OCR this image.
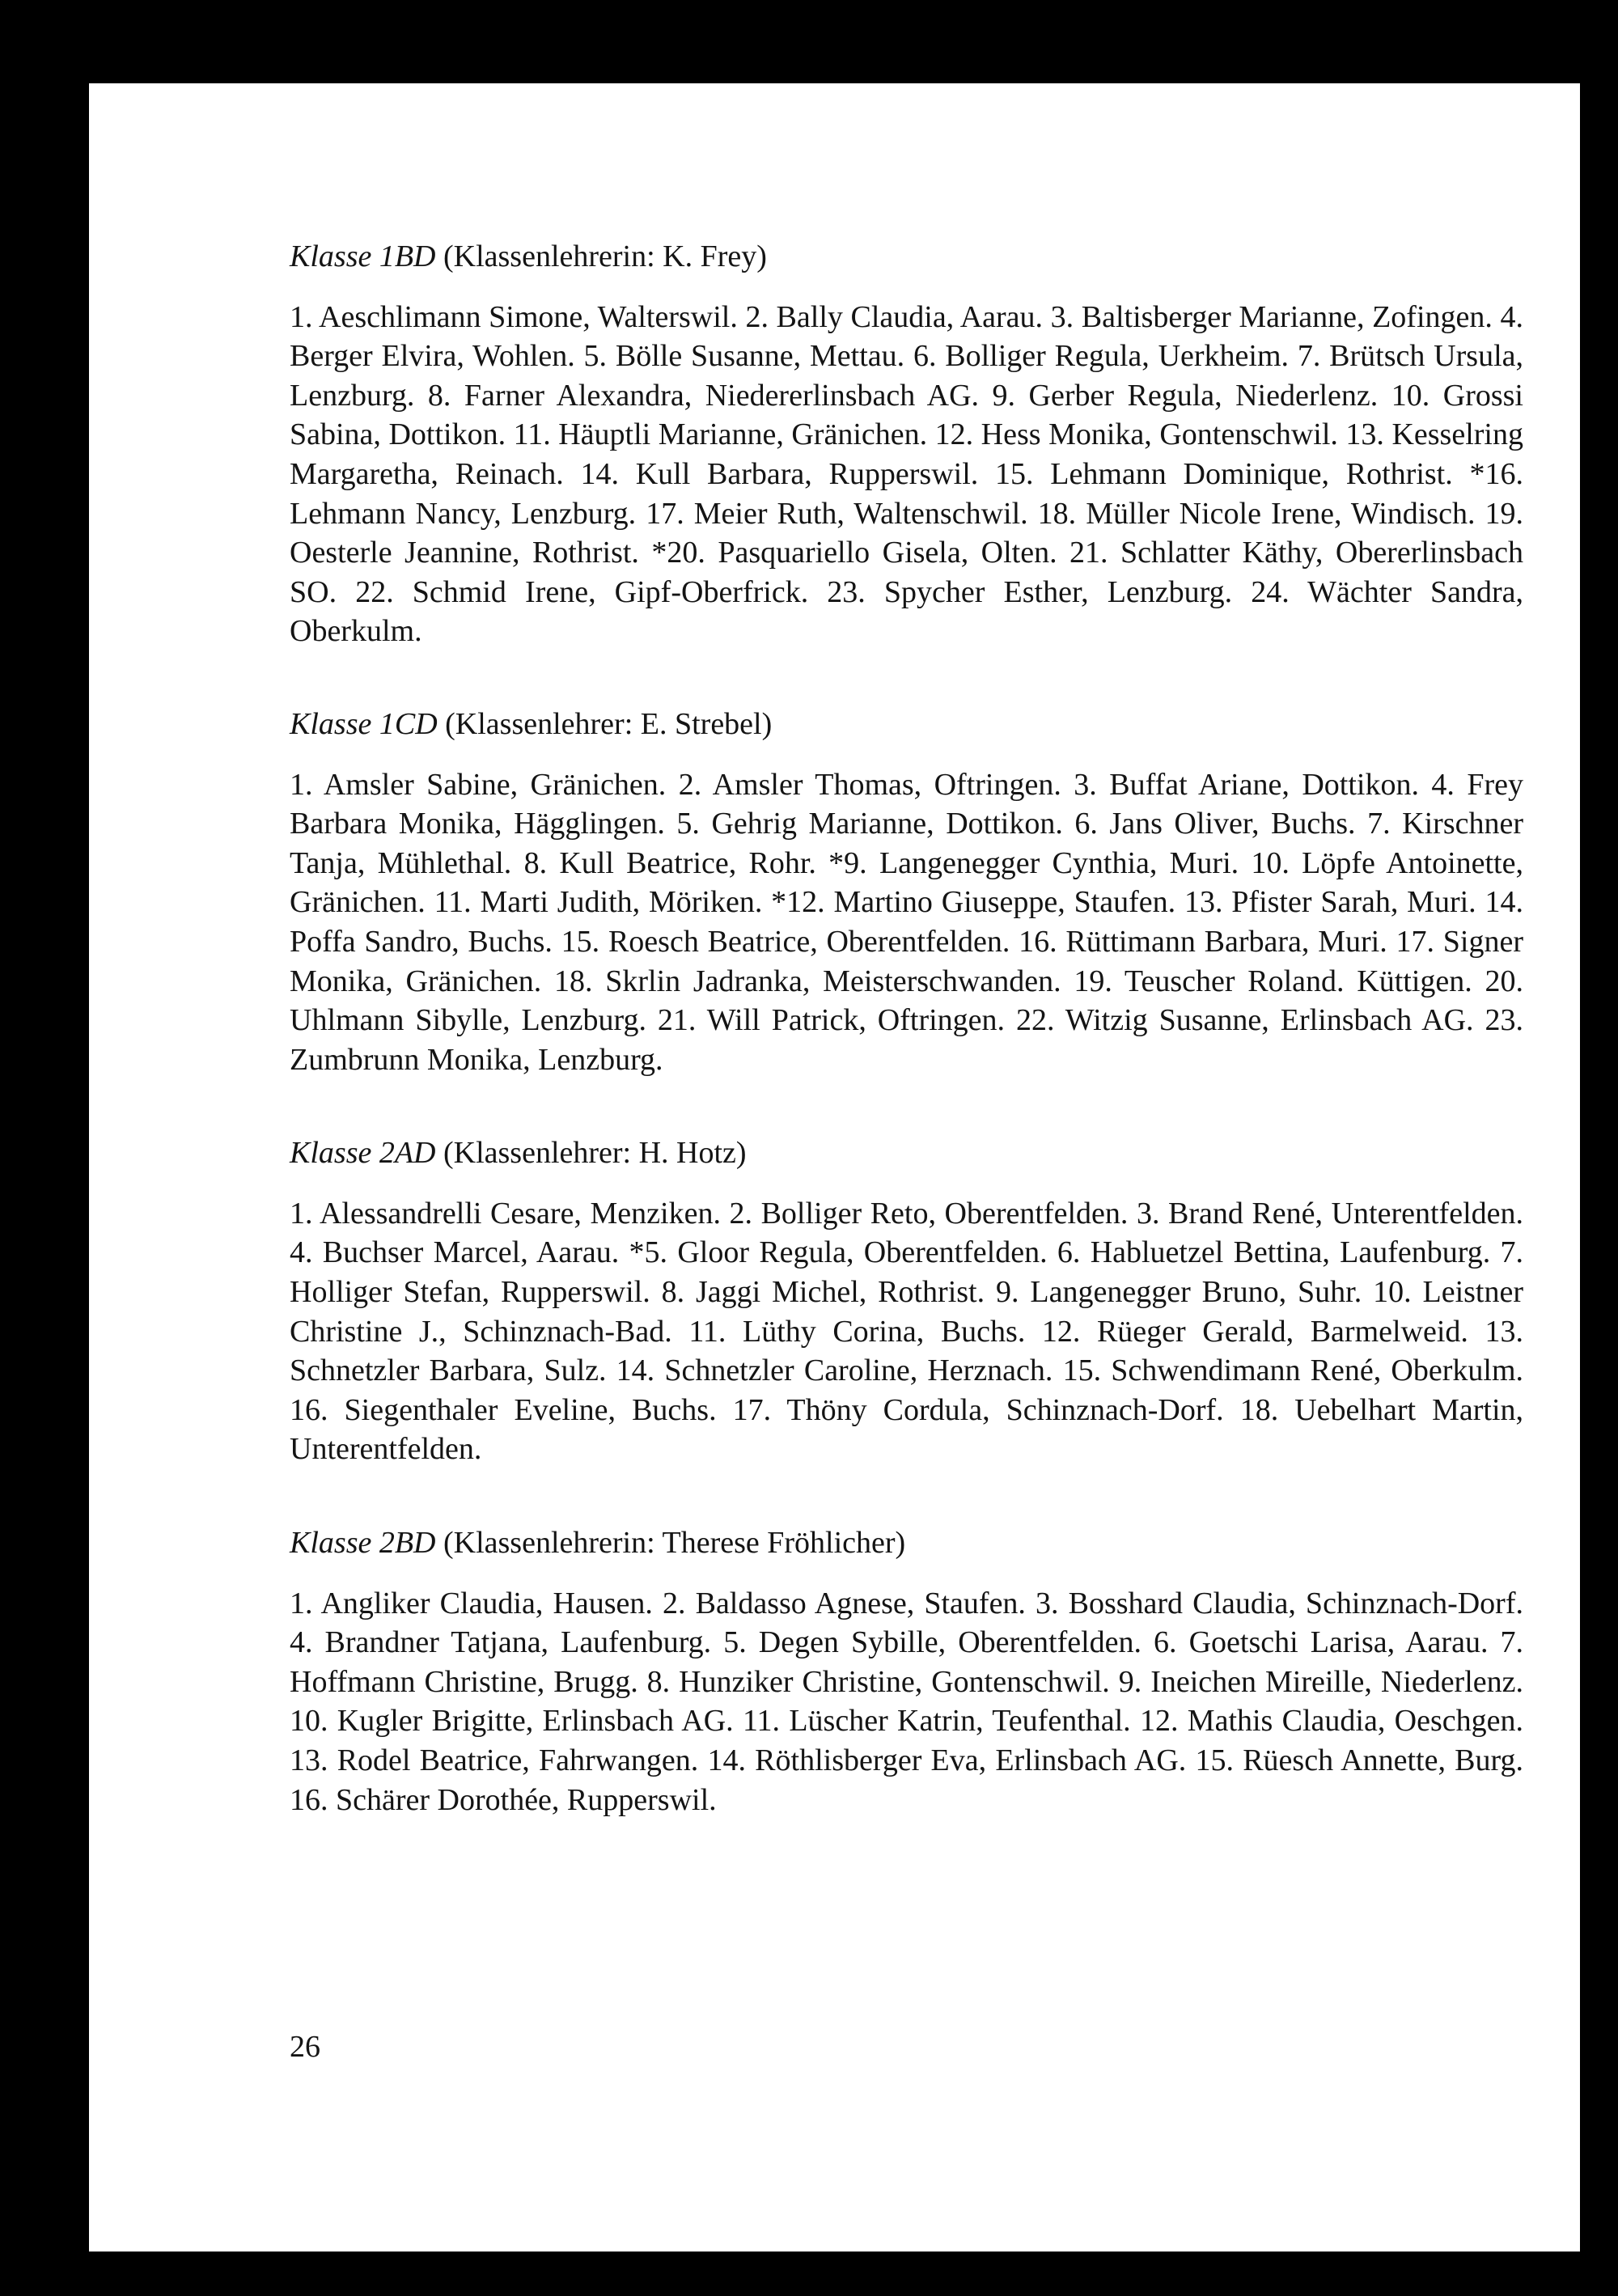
Klasse 1BD (Klassenlehrerin: K. Frey)

1. Aeschlimann Simone, Walterswil. 2. Bally Claudia, Aarau. 3. Baltisberger Marianne, Zofingen. 4. Berger Elvira, Wohlen. 5. Bölle Susanne, Mettau. 6. Bolliger Regula, Uerkheim. 7. Brütsch Ursula, Lenzburg. 8. Farner Alexandra, Niedererlinsbach AG. 9. Gerber Regula, Niederlenz. 10. Grossi Sabina, Dottikon. 11. Häuptli Marianne, Gränichen. 12. Hess Monika, Gontenschwil. 13. Kesselring Margaretha, Reinach. 14. Kull Barbara, Rupperswil. 15. Lehmann Dominique, Rothrist. *16. Lehmann Nancy, Lenzburg. 17. Meier Ruth, Waltenschwil. 18. Müller Nicole Irene, Windisch. 19. Oesterle Jeannine, Rothrist. *20. Pasquariello Gisela, Olten. 21. Schlatter Käthy, Obererlinsbach SO. 22. Schmid Irene, Gipf-Oberfrick. 23. Spycher Esther, Lenzburg. 24. Wächter Sandra, Oberkulm.

Klasse 1CD (Klassenlehrer: E. Strebel)

1. Amsler Sabine, Gränichen. 2. Amsler Thomas, Oftringen. 3. Buffat Ariane, Dottikon. 4. Frey Barbara Monika, Hägglingen. 5. Gehrig Marianne, Dottikon. 6. Jans Oliver, Buchs. 7. Kirschner Tanja, Mühlethal. 8. Kull Beatrice, Rohr. *9. Langenegger Cynthia, Muri. 10. Löpfe Antoinette, Gränichen. 11. Marti Judith, Möriken. *12. Martino Giuseppe, Staufen. 13. Pfister Sarah, Muri. 14. Poffa Sandro, Buchs. 15. Roesch Beatrice, Oberentfelden. 16. Rüttimann Barbara, Muri. 17. Signer Monika, Gränichen. 18. Skrlin Jadranka, Meisterschwanden. 19. Teuscher Roland. Küttigen. 20. Uhlmann Sibylle, Lenzburg. 21. Will Patrick, Oftringen. 22. Witzig Susanne, Erlinsbach AG. 23. Zumbrunn Monika, Lenzburg.

Klasse 2AD (Klassenlehrer: H. Hotz)

1. Alessandrelli Cesare, Menziken. 2. Bolliger Reto, Oberentfelden. 3. Brand René, Unterentfelden. 4. Buchser Marcel, Aarau. *5. Gloor Regula, Oberentfelden. 6. Habluetzel Bettina, Laufenburg. 7. Holliger Stefan, Rupperswil. 8. Jaggi Michel, Rothrist. 9. Langenegger Bruno, Suhr. 10. Leistner Christine J., Schinznach-Bad. 11. Lüthy Corina, Buchs. 12. Rüeger Gerald, Barmelweid. 13. Schnetzler Barbara, Sulz. 14. Schnetzler Caroline, Herznach. 15. Schwendimann René, Oberkulm. 16. Siegenthaler Eveline, Buchs. 17. Thöny Cordula, Schinznach-Dorf. 18. Uebelhart Martin, Unterentfelden.

Klasse 2BD (Klassenlehrerin: Therese Fröhlicher)

1. Angliker Claudia, Hausen. 2. Baldasso Agnese, Staufen. 3. Bosshard Claudia, Schinznach-Dorf. 4. Brandner Tatjana, Laufenburg. 5. Degen Sybille, Oberentfelden. 6. Goetschi Larisa, Aarau. 7. Hoffmann Christine, Brugg. 8. Hunziker Christine, Gontenschwil. 9. Ineichen Mireille, Niederlenz. 10. Kugler Brigitte, Erlinsbach AG. 11. Lüscher Katrin, Teufenthal. 12. Mathis Claudia, Oeschgen. 13. Rodel Beatrice, Fahrwangen. 14. Röthlisberger Eva, Erlinsbach AG. 15. Rüesch Annette, Burg. 16. Schärer Dorothée, Rupperswil.

26
